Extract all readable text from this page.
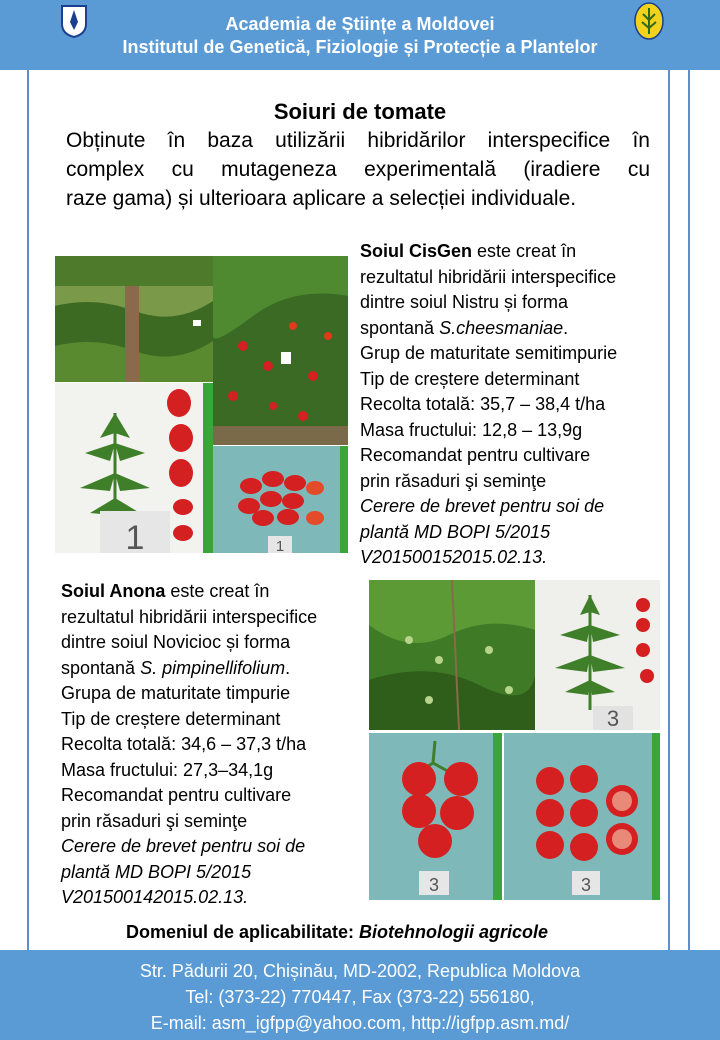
Academia de Științe a Moldovei
Institutul de Genetică, Fiziologie și Protecție a Plantelor
Soiuri de tomate
Obținute în baza utilizării hibridărilor interspecifice în
complex cu mutageneza experimentală (iradiere cu
raze gama) și ulterioara aplicare a selecției individuale.
1	1
Soiul CisGen este creat în
rezultatul hibridării interspecifice
dintre soiul Nistru și forma
spontană S.cheesmaniae.
Grup de maturitate semitimpurie
Tip de creștere determinant
Recolta totală: 35,7 – 38,4 t/ha
Masa fructului: 12,8 – 13,9g
Recomandat pentru cultivare
prin răsaduri şi seminţe
Cerere de brevet pentru soi de
plantă MD BOPI 5/2015
V201500152015.02.13.
Soiul Anona este creat în
rezultatul hibridării interspecifice
dintre soiul Novicioc și forma
spontană S. pimpinellifolium.
Grupa de maturitate timpurie
Tip de creștere determinant
Recolta totală: 34,6 – 37,3 t/ha
Masa fructului: 27,3–34,1g
Recomandat pentru cultivare
prin răsaduri şi seminţe
Cerere de brevet pentru soi de
plantă MD BOPI 5/2015
V201500142015.02.13.
3
3	3
Domeniul de aplicabilitate: Biotehnologii agricole
Str. Pădurii 20, Chișinău, MD-2002, Republica Moldova
Tel: (373-22) 770447, Fax (373-22) 556180,
E-mail: asm_igfpp@yahoo.com, http://igfpp.asm.md/
